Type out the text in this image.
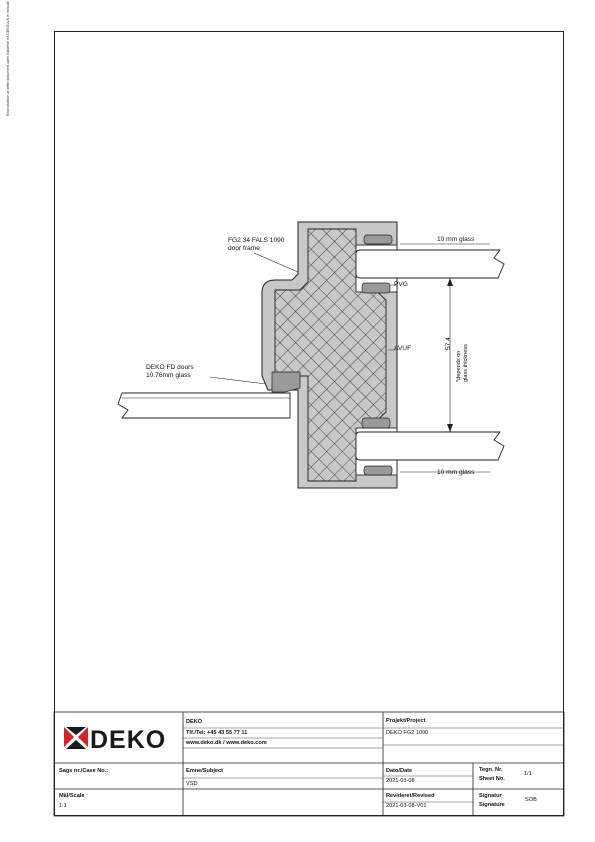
Reproduktion af dette dokument uden tilladelse fra DEKO A/S er forbudt
FG2 34 FALS 1090
door frame
DEKO FD doors
10.76mm glass
10 mm glass
10 mm glass
PVG
AVUF	57.4
*depends on glass thickness
DEKO
DEKO
Tlf./Tel: +45 43 55 77 11
www.deko.dk / www.deko.com
Projekt/Project
DEKO FG2 1090
Sags nr./Case No.:	Emne/Subject
VSD
Dato/Date
2021-03-08
Tegn. Nr.
Sheet No.
1/1
Mål/Scale
1:1
Revideret/Revised
2021-03-08-V01
Signatur
Signature
SOB
